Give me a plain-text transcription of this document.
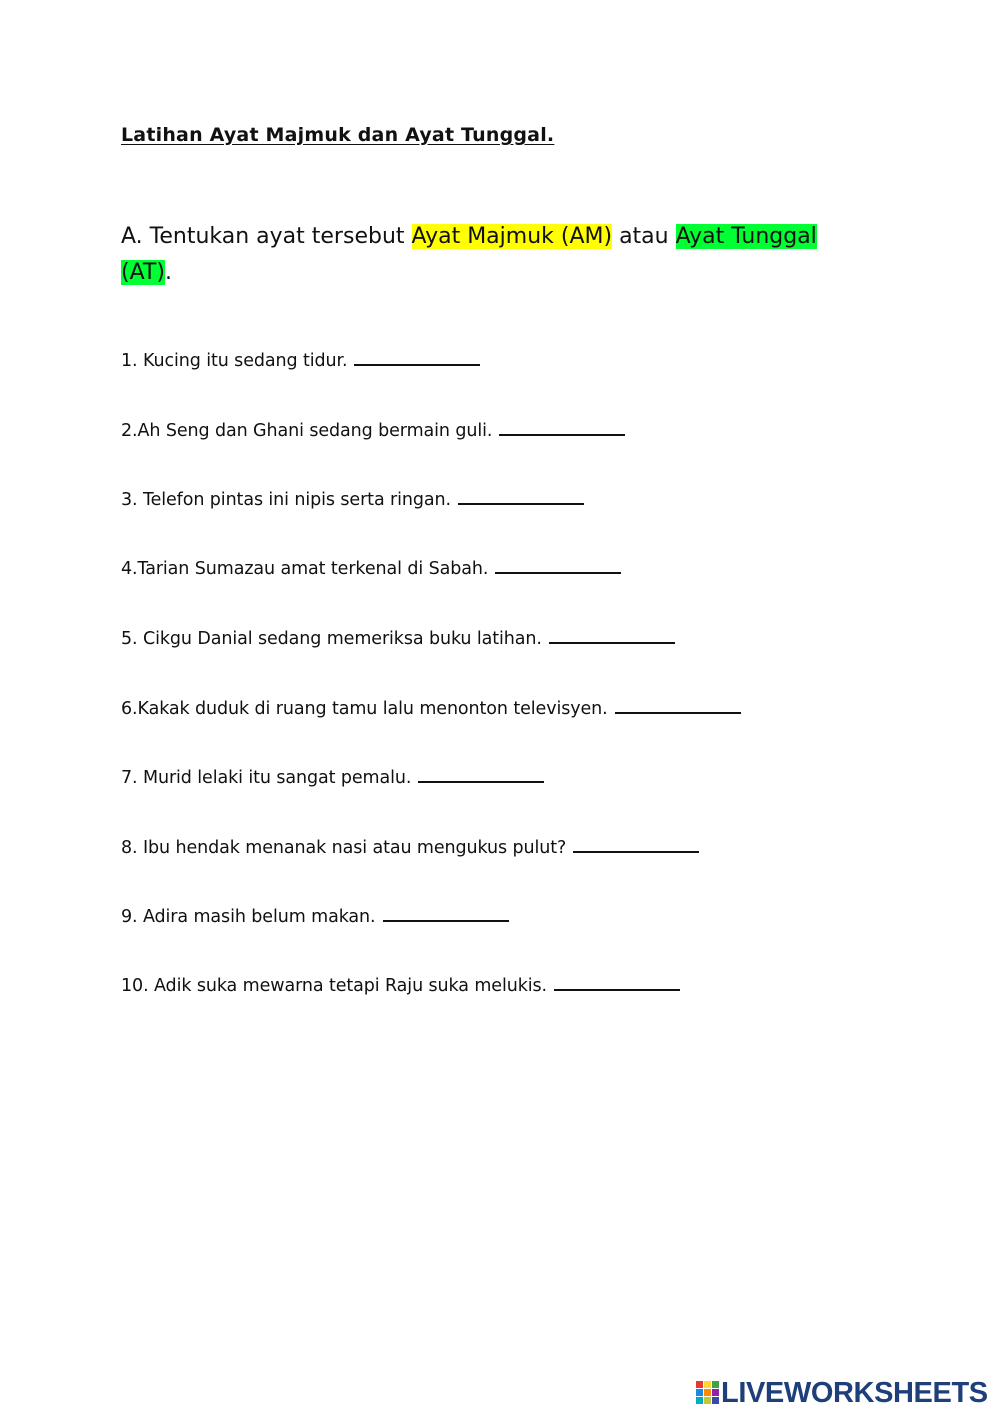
Latihan Ayat Majmuk dan Ayat Tunggal.
A. Tentukan ayat tersebut Ayat Majmuk (AM) atau Ayat Tunggal (AT).
1. Kucing itu sedang tidur.
2.Ah Seng dan Ghani sedang bermain guli.
3. Telefon pintas ini nipis serta ringan.
4.Tarian Sumazau amat terkenal di Sabah.
5. Cikgu Danial sedang memeriksa buku latihan.
6.Kakak duduk di ruang tamu lalu menonton televisyen.
7. Murid lelaki itu sangat pemalu.
8. Ibu hendak menanak nasi atau mengukus pulut?
9. Adira masih belum makan.
10. Adik suka mewarna tetapi Raju suka melukis.
LIVEWORKSHEETS
